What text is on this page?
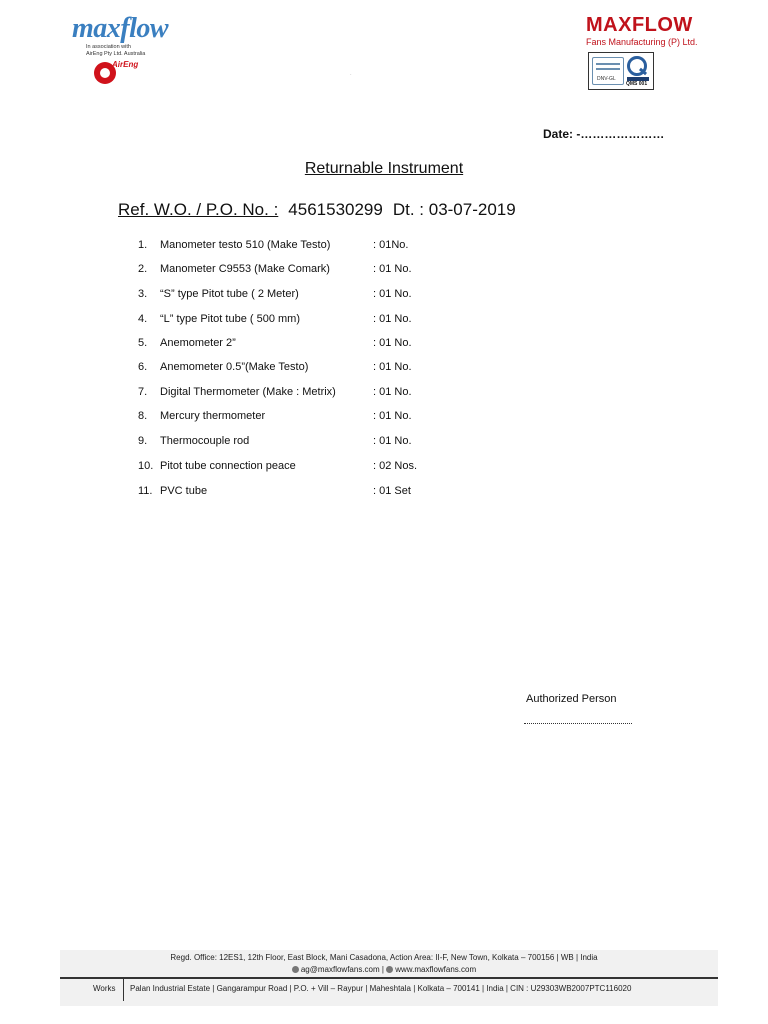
maxflow
In association with
AirEng Pty Ltd. Australia
AirEng
·
MAXFLOW
Fans Manufacturing (P) Ltd.
DNV-GL
QMS 001
Date: -…………………
Returnable Instrument
Ref. W.O. / P.O. No. : 4561530299 Dt. : 03-07-2019
1.	Manometer testo 510 (Make Testo)	: 01No.
2.	Manometer C9553 (Make Comark)	: 01 No.
3.	“S” type Pitot tube ( 2 Meter)	: 01 No.
4.	“L” type Pitot tube ( 500 mm)	: 01 No.
5.	Anemometer 2”	: 01 No.
6.	Anemometer 0.5”(Make Testo)	: 01 No.
7.	Digital Thermometer (Make : Metrix)	: 01 No.
8.	Mercury thermometer	: 01 No.
9.	Thermocouple rod	: 01 No.
10. Pitot tube connection peace	: 02 Nos.
11. PVC tube	: 01 Set
Authorized Person
Regd. Office: 12ES1, 12th Floor, East Block, Mani Casadona, Action Area: II-F, New Town, Kolkata – 700156 | WB | India
ag@maxflowfans.com | www.maxflowfans.com
Works Palan Industrial Estate | Gangarampur Road | P.O. + Vill – Raypur | Maheshtala | Kolkata – 700141 | India | CIN : U29303WB2007PTC116020
